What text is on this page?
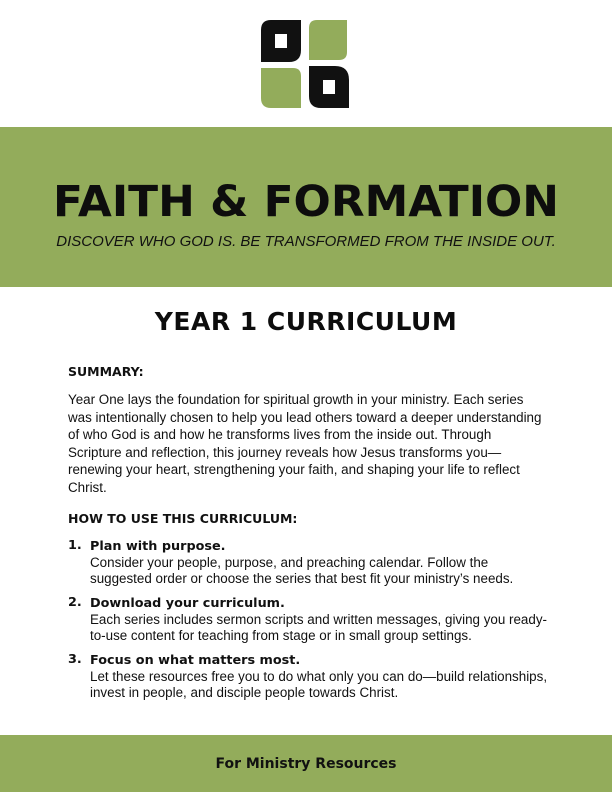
FAITH & FORMATION

DISCOVER WHO GOD IS. BE TRANSFORMED FROM THE INSIDE OUT.

YEAR 1 CURRICULUM
SUMMARY:

Year One lays the foundation for spiritual growth in your ministry. Each series was intentionally chosen to help you lead others toward a deeper understanding of who God is and how he transforms lives from the inside out. Through Scripture and reflection, this journey reveals how Jesus transforms you—renewing your heart, strengthening your faith, and shaping your life to reflect Christ.

HOW TO USE THIS CURRICULUM:
1. Plan with purpose.
Consider your people, purpose, and preaching calendar. Follow the suggested order or choose the series that best fit your ministry’s needs.
2. Download your curriculum.
Each series includes sermon scripts and written messages, giving you ready-to-use content for teaching from stage or in small group settings.
3. Focus on what matters most.
Let these resources free you to do what only you can do—build relationships, invest in people, and disciple people towards Christ.

For Ministry Resources
